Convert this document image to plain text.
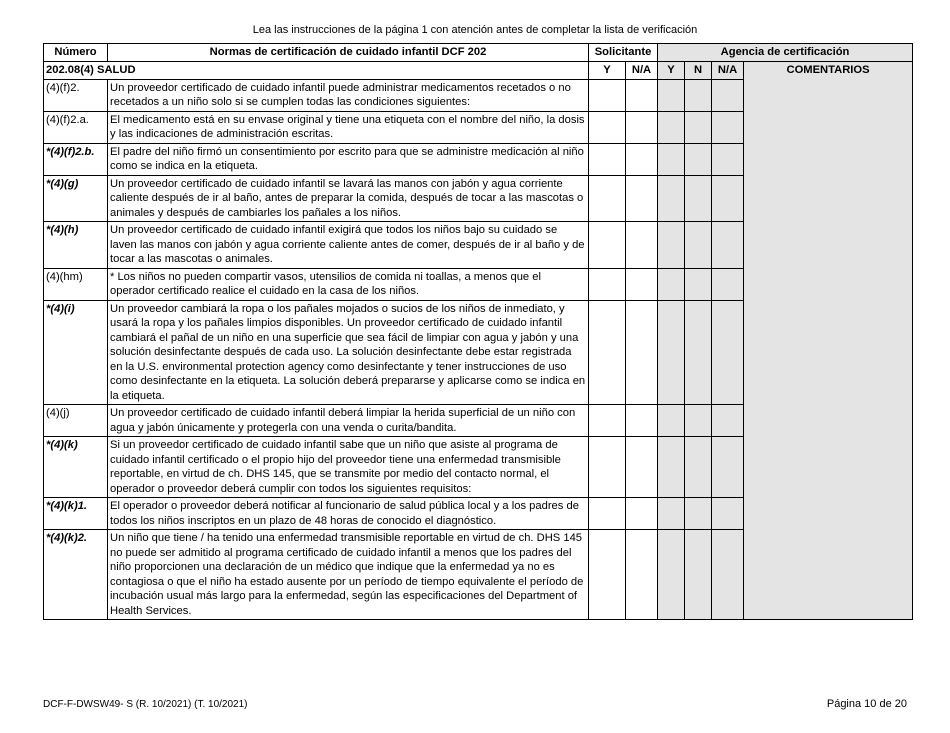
Lea las instrucciones de la página 1 con atención antes de completar la lista de verificación
Número	Normas de certificación de cuidado infantil DCF 202	Solicitante		Agencia de certificación			
202.08(4) SALUD		Y	N/A	Y	N	N/A	COMENTARIOS
(4)(f)2.	Un proveedor certificado de cuidado infantil puede administrar medicamentos recetados o no recetados a un niño solo si se cumplen todas las condiciones siguientes:						
(4)(f)2.a.	El medicamento está en su envase original y tiene una etiqueta con el nombre del niño, la dosis y las indicaciones de administración escritas.						
*(4)(f)2.b.	El padre del niño firmó un consentimiento por escrito para que se administre medicación al niño como se indica en la etiqueta.						
*(4)(g)	Un proveedor certificado de cuidado infantil se lavará las manos con jabón y agua corriente caliente después de ir al baño, antes de preparar la comida, después de tocar a las mascotas o animales y después de cambiarles los pañales a los niños.						
*(4)(h)	Un proveedor certificado de cuidado infantil exigirá que todos los niños bajo su cuidado se laven las manos con jabón y agua corriente caliente antes de comer, después de ir al baño y de tocar a las mascotas o animales.						
(4)(hm)	* Los niños no pueden compartir vasos, utensilios de comida ni toallas, a menos que el operador certificado realice el cuidado en la casa de los niños.						
*(4)(i)	Un proveedor cambiará la ropa o los pañales mojados o sucios de los niños de inmediato, y usará la ropa y los pañales limpios disponibles. Un proveedor certificado de cuidado infantil cambiará el pañal de un niño en una superficie que sea fácil de limpiar con agua y jabón y una solución desinfectante después de cada uso. La solución desinfectante debe estar registrada en la U.S. environmental protection agency como desinfectante y tener instrucciones de uso como desinfectante en la etiqueta. La solución deberá prepararse y aplicarse como se indica en la etiqueta.						
(4)(j)	Un proveedor certificado de cuidado infantil deberá limpiar la herida superficial de un niño con agua y jabón únicamente y protegerla con una venda o curita/bandita.						
*(4)(k)	Si un proveedor certificado de cuidado infantil sabe que un niño que asiste al programa de cuidado infantil certificado o el propio hijo del proveedor tiene una enfermedad transmisible reportable, en virtud de ch. DHS 145, que se transmite por medio del contacto normal, el operador o proveedor deberá cumplir con todos los siguientes requisitos:						
*(4)(k)1.	El operador o proveedor deberá notificar al funcionario de salud pública local y a los padres de todos los niños inscriptos en un plazo de 48 horas de conocido el diagnóstico.						
*(4)(k)2.	Un niño que tiene / ha tenido una enfermedad transmisible reportable en virtud de ch. DHS 145 no puede ser admitido al programa certificado de cuidado infantil a menos que los padres del niño proporcionen una declaración de un médico que indique que la enfermedad ya no es contagiosa o que el niño ha estado ausente por un período de tiempo equivalente el período de incubación usual más largo para la enfermedad, según las especificaciones del Department of Health Services.						
DCF-F-DWSW49- S (R. 10/2021) (T. 10/2021)	Página 10 de 20
